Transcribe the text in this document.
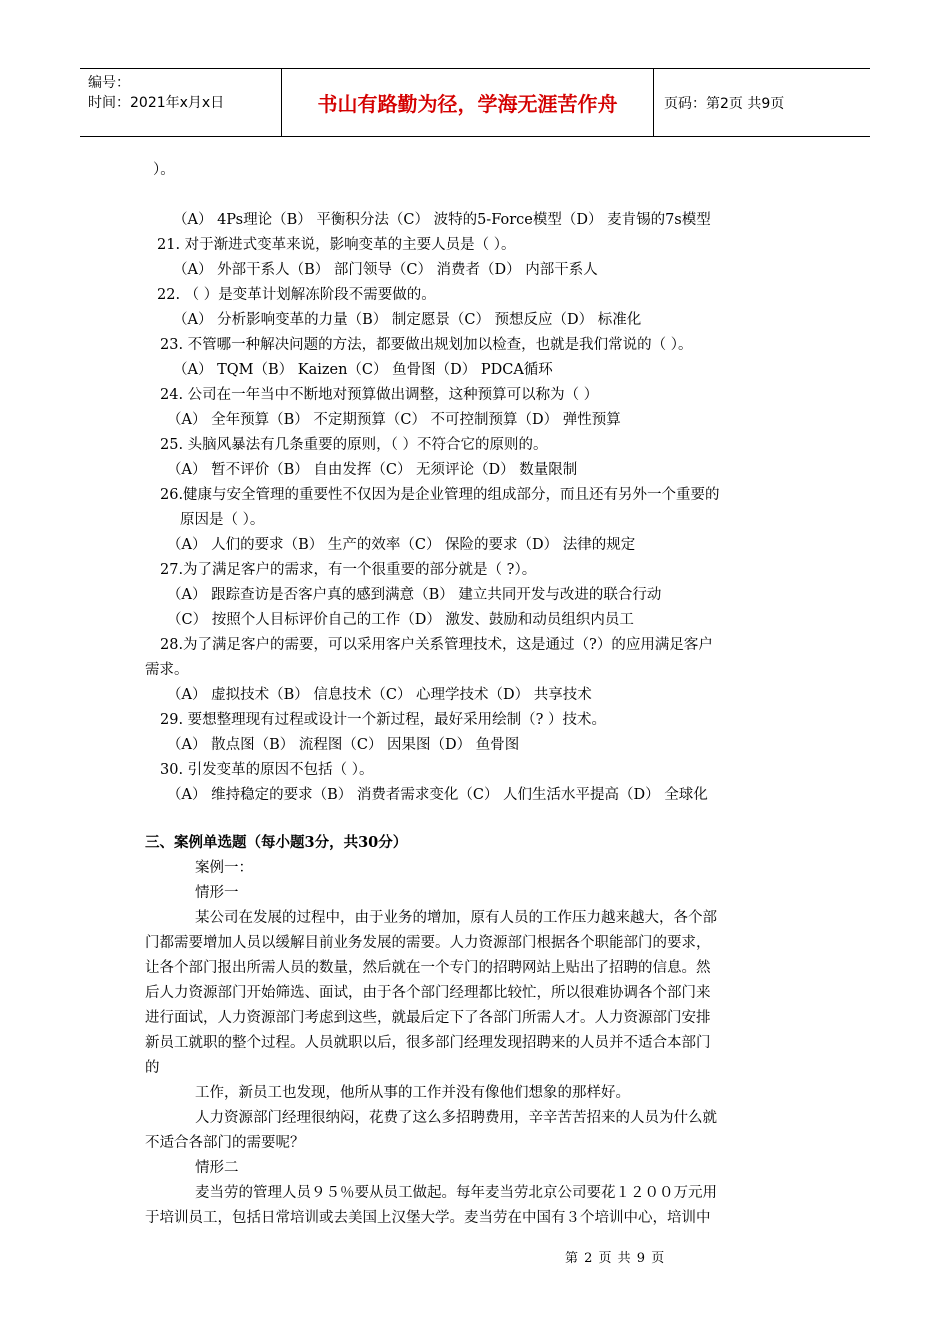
编号：
时间：2021年x月x日	书山有路勤为径，学海无涯苦作舟	页码：第2页 共9页
）。
（A） 4Ps理论（B） 平衡积分法（C） 波特的5-Force模型（D） 麦肯锡的7s模型
21. 对于渐进式变革来说，影响变革的主要人员是（ ）。
（A） 外部干系人（B） 部门领导（C） 消费者（D） 内部干系人
22. （ ）是变革计划解冻阶段不需要做的。
（A） 分析影响变革的力量（B） 制定愿景（C） 预想反应（D） 标准化
23. 不管哪一种解决问题的方法，都要做出规划加以检查，也就是我们常说的（ ）。
（A） TQM（B） Kaizen（C） 鱼骨图（D） PDCA循环
24. 公司在一年当中不断地对预算做出调整，这种预算可以称为（ ）
（A） 全年预算（B） 不定期预算（C） 不可控制预算（D） 弹性预算
25. 头脑风暴法有几条重要的原则，（ ）不符合它的原则的。
（A） 暂不评价（B） 自由发挥（C） 无须评论（D） 数量限制
26.健康与安全管理的重要性不仅因为是企业管理的组成部分，而且还有另外一个重要的
原因是（ ）。
（A） 人们的要求（B） 生产的效率（C） 保险的要求（D） 法律的规定
27.为了满足客户的需求，有一个很重要的部分就是（ ?）。
（A） 跟踪查访是否客户真的感到满意（B） 建立共同开发与改进的联合行动
（C） 按照个人目标评价自己的工作（D） 激发、鼓励和动员组织内员工
28.为了满足客户的需要，可以采用客户关系管理技术，这是通过（?）的应用满足客户
需求。
（A） 虚拟技术（B） 信息技术（C） 心理学技术（D） 共享技术
29. 要想整理现有过程或设计一个新过程，最好采用绘制（? ）技术。
（A） 散点图（B） 流程图（C） 因果图（D） 鱼骨图
30. 引发变革的原因不包括（ ）。
（A） 维持稳定的要求（B） 消费者需求变化（C） 人们生活水平提高（D） 全球化
三、案例单选题（每小题3分，共30分）
案例一：
情形一
某公司在发展的过程中，由于业务的增加，原有人员的工作压力越来越大，各个部
门都需要增加人员以缓解目前业务发展的需要。人力资源部门根据各个职能部门的要求，
让各个部门报出所需人员的数量，然后就在一个专门的招聘网站上贴出了招聘的信息。然
后人力资源部门开始筛选、面试，由于各个部门经理都比较忙，所以很难协调各个部门来
进行面试，人力资源部门考虑到这些，就最后定下了各部门所需人才。人力资源部门安排
新员工就职的整个过程。人员就职以后，很多部门经理发现招聘来的人员并不适合本部门
的
工作，新员工也发现，他所从事的工作并没有像他们想象的那样好。
人力资源部门经理很纳闷，花费了这么多招聘费用，辛辛苦苦招来的人员为什么就
不适合各部门的需要呢？
情形二
麦当劳的管理人员９５％要从员工做起。每年麦当劳北京公司要花１２００万元用
于培训员工，包括日常培训或去美国上汉堡大学。麦当劳在中国有３个培训中心，培训中
第 2 页 共 9 页
